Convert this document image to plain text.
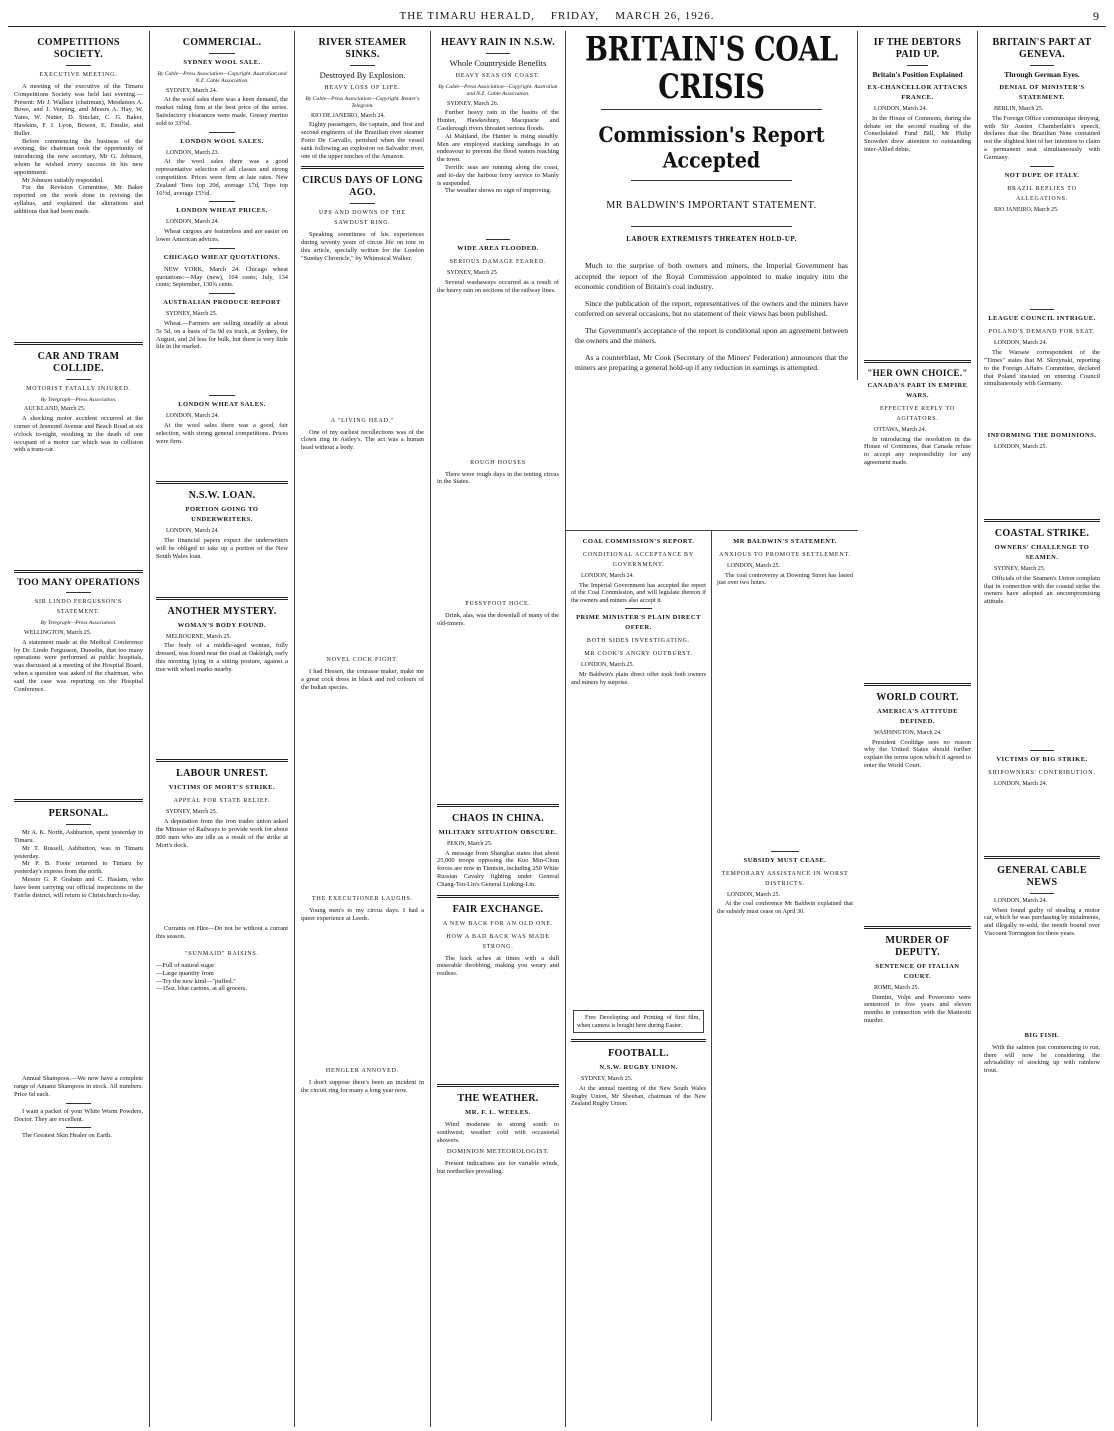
THE TIMARU HERALD, FRIDAY, MARCH 26, 1926.	9
COMPETITIONS SOCIETY.
EXECUTIVE MEETING.

A meeting of the executive of the Timaru Competitions Society was held last evening.—Present: Mr J. Wallace (chairman), Mesdames A. Bowe, and J. Venning, and Messrs A. Hay, W. Yates, W. Nutter, D. Sinclair, C. G. Baker, Hawkins, F. I. Lyon, Bowen, E. Emslie, and Buller.

Before commencing the business of the evening, the chairman took the opportunity of introducing the new secretary, Mr G. Johnson, whom he wished every success in his new appointment.

Mr Johnson suitably responded.

For the Revision Committee, Mr Baker reported on the work done in revising the syllabus, and explained the alterations and additions that had been made.

CAR AND TRAM COLLIDE.
MOTORIST FATALLY INJURED.
By Telegraph—Press Association.
AUCKLAND, March 25.

A shocking motor accident occurred at the corner of Jesmond Avenue and Beach Road at six o'clock to-night, resulting in the death of one occupant of a motor car which was in collision with a tram-car.

TOO MANY OPERATIONS
SIR LINDO FERGUSSON'S STATEMENT.
By Telegraph—Press Association.
WELLINGTON, March 25.

A statement made at the Medical Conference by Dr. Lindo Fergusson, Dunedin, that too many operations were performed at public hospitals, was discussed at a meeting of the Hospital Board, when a question was asked of the chairman, who said the case was reporting on the Hospital Conference.

PERSONAL.

Mr A. K. North, Ashburton, spent yesterday in Timaru.

Mr T. Russell, Ashburton, was in Timaru yesterday.

Mr P. B. Foote returned to Timaru by yesterday's express from the north.

Messrs G. P. Graham and C. Haslam, who have been carrying out official inspections in the Fairlie district, will return to Christchurch to-day.

Annual Shampoos.—We now have a complete range of Amami Shampoos in stock. All numbers. Price 6d each.

I want a packet of your White Worm Powders, Doctor. They are excellent.

The Greatest Skin Healer on Earth.

COMMERCIAL.
SYDNEY WOOL SALE.
By Cable—Press Association—Copyright. Australian and N.Z. Cable Association.
SYDNEY, March 24.

At the wool sales there was a keen demand, the market ruling firm at the best price of the series. Satisfactory clearances were made. Greasy merino sold to 33½d.

LONDON WOOL SALES.
LONDON, March 23.

At the wool sales there was a good representative selection of all classes and strong competition. Prices were firm at late rates. New Zealand Tons top 20d, average 17d, Tops top 16½d, average 15½d.

LONDON WHEAT PRICES.
LONDON, March 24.

Wheat cargoes are featureless and are easier on lower American advices.

CHICAGO WHEAT QUOTATIONS.

NEW YORK, March 24. Chicago wheat quotations:—May (new), 164 cents; July, 134 cents; September, 130¾ cents.

AUSTRALIAN PRODUCE REPORT
SYDNEY, March 25.

Wheat.—Farmers are selling steadily at about 5s 5d, on a basis of 5s 9d ex truck, at Sydney, for August, and 2d less for bulk, but there is very little life in the market.

LONDON WHEAT SALES.
LONDON, March 24.

At the wool sales there was a good, fair selection, with strong general competitions. Prices were firm.

N.S.W. LOAN.
PORTION GOING TO UNDERWRITERS.
LONDON, March 24.

The financial papers expect the underwriters will be obliged to take up a portion of the New South Wales loan.

ANOTHER MYSTERY.
WOMAN'S BODY FOUND.
MELBOURNE, March 25.

The body of a middle-aged woman, fully dressed, was found near the road at Oakleigh, early this morning lying in a sitting posture, against a tree with wheel marks nearby.

LABOUR UNREST.
VICTIMS OF MORT'S STRIKE.
APPEAL FOR STATE RELIEF.
SYDNEY, March 25.

A deputation from the iron trades union asked the Minister of Railways to provide work for about 800 men who are idle as a result of the strike at Mort's dock.

Currants on Hire—Do not be without a currant this season.

"SUNMAID" RAISINS.
—Full of natural sugar
—Large quantity from
—Try the new kind—"puffed."
—15oz. blue cartons, at all grocers.
RIVER STEAMER SINKS.
Destroyed By Explosion.
HEAVY LOSS OF LIFE.
By Cable—Press Association—Copyright. Reuter's Telegram.
RIO DE JANEIRO, March 24.

Eighty passengers, the captain, and first and second engineers of the Brazilian river steamer Porto De Carvallo, perished when the vessel sank following an explosion on Salvador river, one of the upper tenches of the Amazon.

CIRCUS DAYS OF LONG AGO.
UPS AND DOWNS OF THE SAWDUST RING.

Speaking sometimes of his experiences during seventy years of circus life on tour in this article, specially written for the London "Sunday Chronicle," by Whimsical Walker.

A "LIVING HEAD."

One of my earliest recollections was of the clown ring in Astley's. The act was a human head without a body.

NOVEL COCK FIGHT.

I had Hessen, the courasse maker, make me a great cock dress in black and red colours of the Indian species.

THE EXECUTIONER LAUGHS.

Young men's to my circus days. I had a queer experience at Leeds.

HENGLER ANNOYED.

I don't suppose there's been an incident in the circuit ring for many a long year now.

HEAVY RAIN IN N.S.W.
Whole Countryside Benefits
HEAVY SEAS ON COAST.
By Cable—Press Association—Copyright. Australian and N.Z. Cable Association.
SYDNEY, March 26.

Further heavy rain in the basins of the Hunter, Hawkesbury, Macquarie and Castlereagh rivers threaten serious floods.

At Maitland, the Hunter is rising steadily. Men are employed stacking sandbags in an endeavour to prevent the flood waters reaching the town.

Terrific seas are running along the coast, and to-day the harbour ferry service to Manly is suspended.

The weather shows no sign of improving.

WIDE AREA FLOODED.
SERIOUS DAMAGE FEARED.
SYDNEY, March 25.

Several washaways occurred as a result of the heavy rain on sections of the railway lines.

ROUGH HOUSES

There were rough days in the tenting circus in the States.

PUSSYFOOT HOCE.

Drink, alas, was the downfall of many of the old-timers.

CHAOS IN CHINA.
MILITARY SITUATION OBSCURE.
PEKIN, March 25.

A message from Shanghai states that about 25,000 troops opposing the Kuo Min-Chun forces are now in Tientsin, including 250 White Russian Cavalry fighting under General Chang-Tsu-Lin's General Linking-Lin.

FAIR EXCHANGE.
A NEW BACK FOR AN OLD ONE.
HOW A BAD BACK WAS MADE STRONG.

The back aches at times with a dull miserable throbbing, making you weary and restless.

THE WEATHER.
MR. F. L. WEELES.

Wind moderate to strong south to southwest; weather cold with occasional showers.

DOMINION METEOROLOGIST.

Present indications are for variable winds, but northerlies prevailing.

BRITAIN'S COAL CRISIS
Commission's Report Accepted
MR BALDWIN'S IMPORTANT STATEMENT.
LABOUR EXTREMISTS THREATEN HOLD-UP.

Much to the surprise of both owners and miners, the Imperial Government has accepted the report of the Royal Commission appointed to make inquiry into the economic condition of Britain's coal industry.

Since the publication of the report, representatives of the owners and the miners have conferred on several occasions, but no statement of their views has been published.

The Government's acceptance of the report is conditional upon an agreement between the owners and the miners.

As a counterblast, Mr Cook (Secretary of the Miners' Federation) announces that the miners are preparing a general hold-up if any reduction in earnings is attempted.

COAL COMMISSION'S REPORT.
CONDITIONAL ACCEPTANCE BY GOVERNMENT.
LONDON, March 24.

The Imperial Government has accepted the report of the Coal Commission, and will legislate thereon if the owners and miners also accept it.

PRIME MINISTER'S PLAIN DIRECT OFFER.
BOTH SIDES INVESTIGATING.
MR COOK'S ANGRY OUTBURST.
LONDON, March 25.

Mr Baldwin's plain direct offer took both owners and miners by surprise.

Free Developing and Printing of first film, when camera is bought here during Easter.

FOOTBALL.
N.S.W. RUGBY UNION.
SYDNEY, March 25.

At the annual meeting of the New South Wales Rugby Union, Mr Sheehan, chairman of the New Zealand Rugby Union.

MR BALDWIN'S STATEMENT.
ANXIOUS TO PROMOTE SETTLEMENT.
LONDON, March 25.

The coal controversy at Downing Street has lasted just over two hours.

SUBSIDY MUST CEASE.
TEMPORARY ASSISTANCE IN WORST DISTRICTS.
LONDON, March 25.

At the coal conference Mr Baldwin explained that the subsidy must cease on April 30.

IF THE DEBTORS PAID UP.
Britain's Position Explained
EX-CHANCELLOR ATTACKS FRANCE.
LONDON, March 24.

In the House of Commons, during the debate on the second reading of the Consolidated Fund Bill, Mr Philip Snowden drew attention to outstanding inter-Allied debts.

"HER OWN CHOICE."
CANADA'S PART IN EMPIRE WARS.
EFFECTIVE REPLY TO AGITATORS.
OTTAWA, March 24.

In introducing the resolution in the House of Commons, that Canada refuse to accept any responsibility for any agreement made.

WORLD COURT.
AMERICA'S ATTITUDE DEFINED.
WASHINGTON, March 24.

President Coolidge sees no reason why the United States should further explain the terms upon which it agreed to enter the World Court.

MURDER OF DEPUTY.
SENTENCE OF ITALIAN COURT.
ROME, March 25.

Dumini, Volpi and Poveromo were sentenced to five years and eleven months in connection with the Matteotti murder.

BRITAIN'S PART AT GENEVA.
Through German Eyes.
DENIAL OF MINISTER'S STATEMENT.
BERLIN, March 25.

The Foreign Office communique denying, with Sir Austen Chamberlain's speech, declares that the Brazilian Note contained not the slightest hint of her intention to claim a permanent seat simultaneously with Germany.

NOT DUPE OF ITALY.
BRAZIL REPLIES TO ALLEGATIONS.
RIO JANEIRO, March 25.
LEAGUE COUNCIL INTRIGUE.
POLAND'S DEMAND FOR SEAT.
LONDON, March 24.

The Warsaw correspondent of the "Times" states that M. Skrzynski, reporting to the Foreign Affairs Committee, declared that Poland insisted on entering Council simultaneously with Germany.

INFORMING THE DOMINIONS.
LONDON, March 25.
COASTAL STRIKE.
OWNERS' CHALLENGE TO SEAMEN.
SYDNEY, March 25.

Officials of the Seamen's Union complain that in connection with the coastal strike the owners have adopted an uncompromising attitude.

VICTIMS OF BIG STRIKE.
SHIPOWNERS' CONTRIBUTION.
LONDON, March 24.
GENERAL CABLE NEWS
LONDON, March 24.

When found guilty of stealing a motor car, which he was purchasing by instalments, and illegally re-sold, the teenth bound over Viscount Torrington for three years.

BIG FISH.

With the salmon just commencing to run, there will now be considering the advisability of stocking up with rainbow trout.
